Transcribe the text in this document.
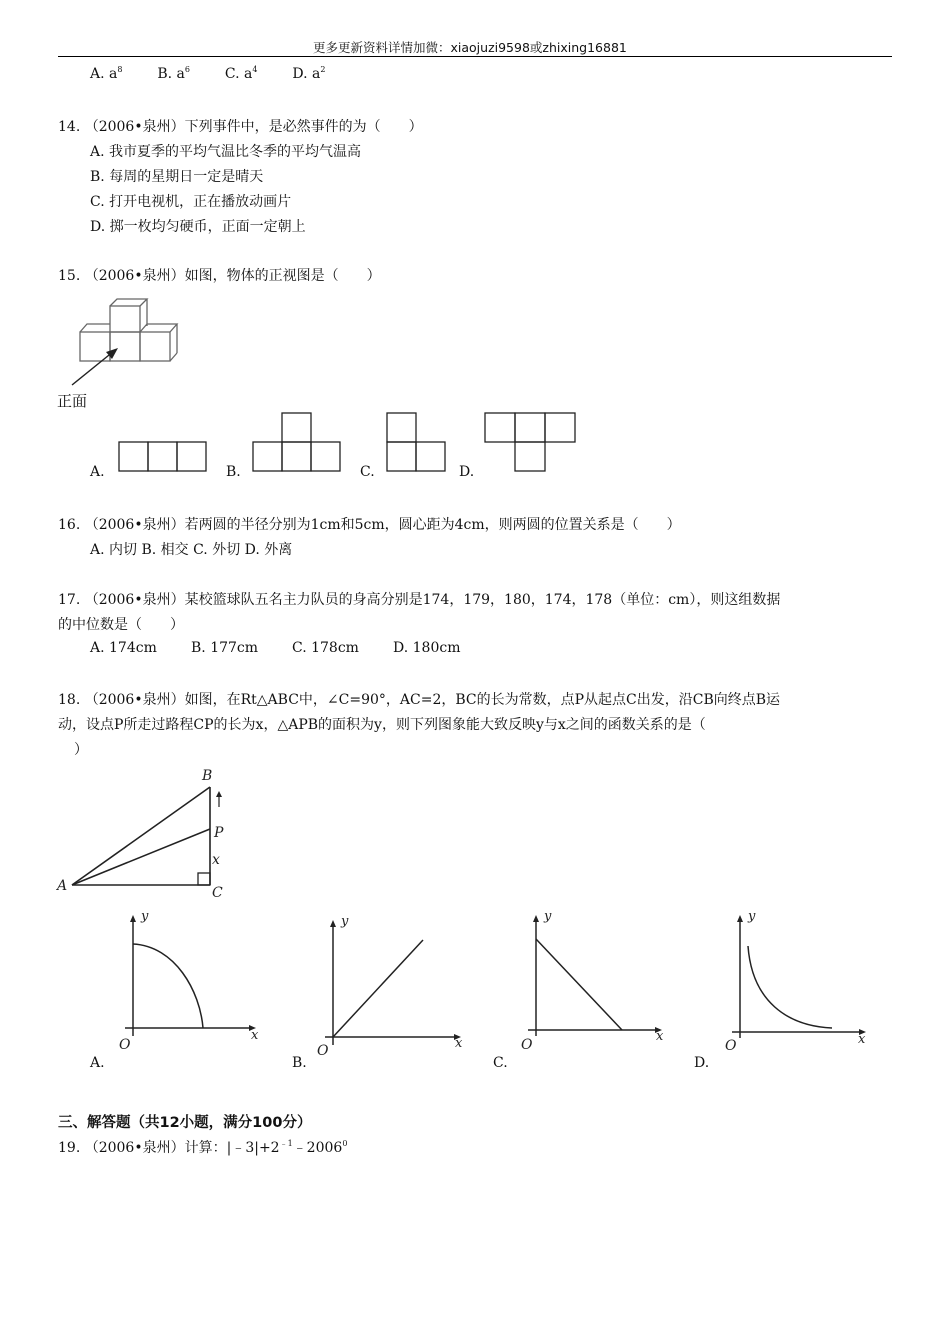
更多更新资料详情加微：xiaojuzi9598或zhixing16881
A. $a^8$ B. $a^6$ C. $a^4$ D. $a^2$
14. （2006•泉州）下列事件中，是必然事件的为（　　）
A. 我市夏季的平均气温比冬季的平均气温高
B. 每周的星期日一定是晴天
C. 打开电视机，正在播放动画片
D. 掷一枚均匀硬币，正面一定朝上
15. （2006•泉州）如图，物体的正视图是（　　）
正面
A.	B.	C.	D.
16. （2006•泉州）若两圆的半径分别为1cm和5cm，圆心距为4cm，则两圆的位置关系是（　　）
A. 内切 B. 相交 C. 外切 D. 外离
17. （2006•泉州）某校篮球队五名主力队员的身高分别是174，179，180，174，178（单位：cm），则这组数据
的中位数是（　　）
A. 174cm B. 177cm C. 178cm D. 180cm
18. （2006•泉州）如图，在Rt△ABC中，∠C=90°，AC=2，BC的长为常数，点P从起点C出发，沿CB向终点B运
动，设点P所走过路程CP的长为x，△APB的面积为y，则下列图象能大致反映y与x之间的函数关系的是（
）
A
B
C
P
x
y
x
O
A.
y
x
O
B.
y
x
O
C.
y
x
O
D.
三、解答题（共12小题，满分100分）
19. （2006•泉州）计算：$|﹣3|+2^{﹣1}﹣2006^0$
